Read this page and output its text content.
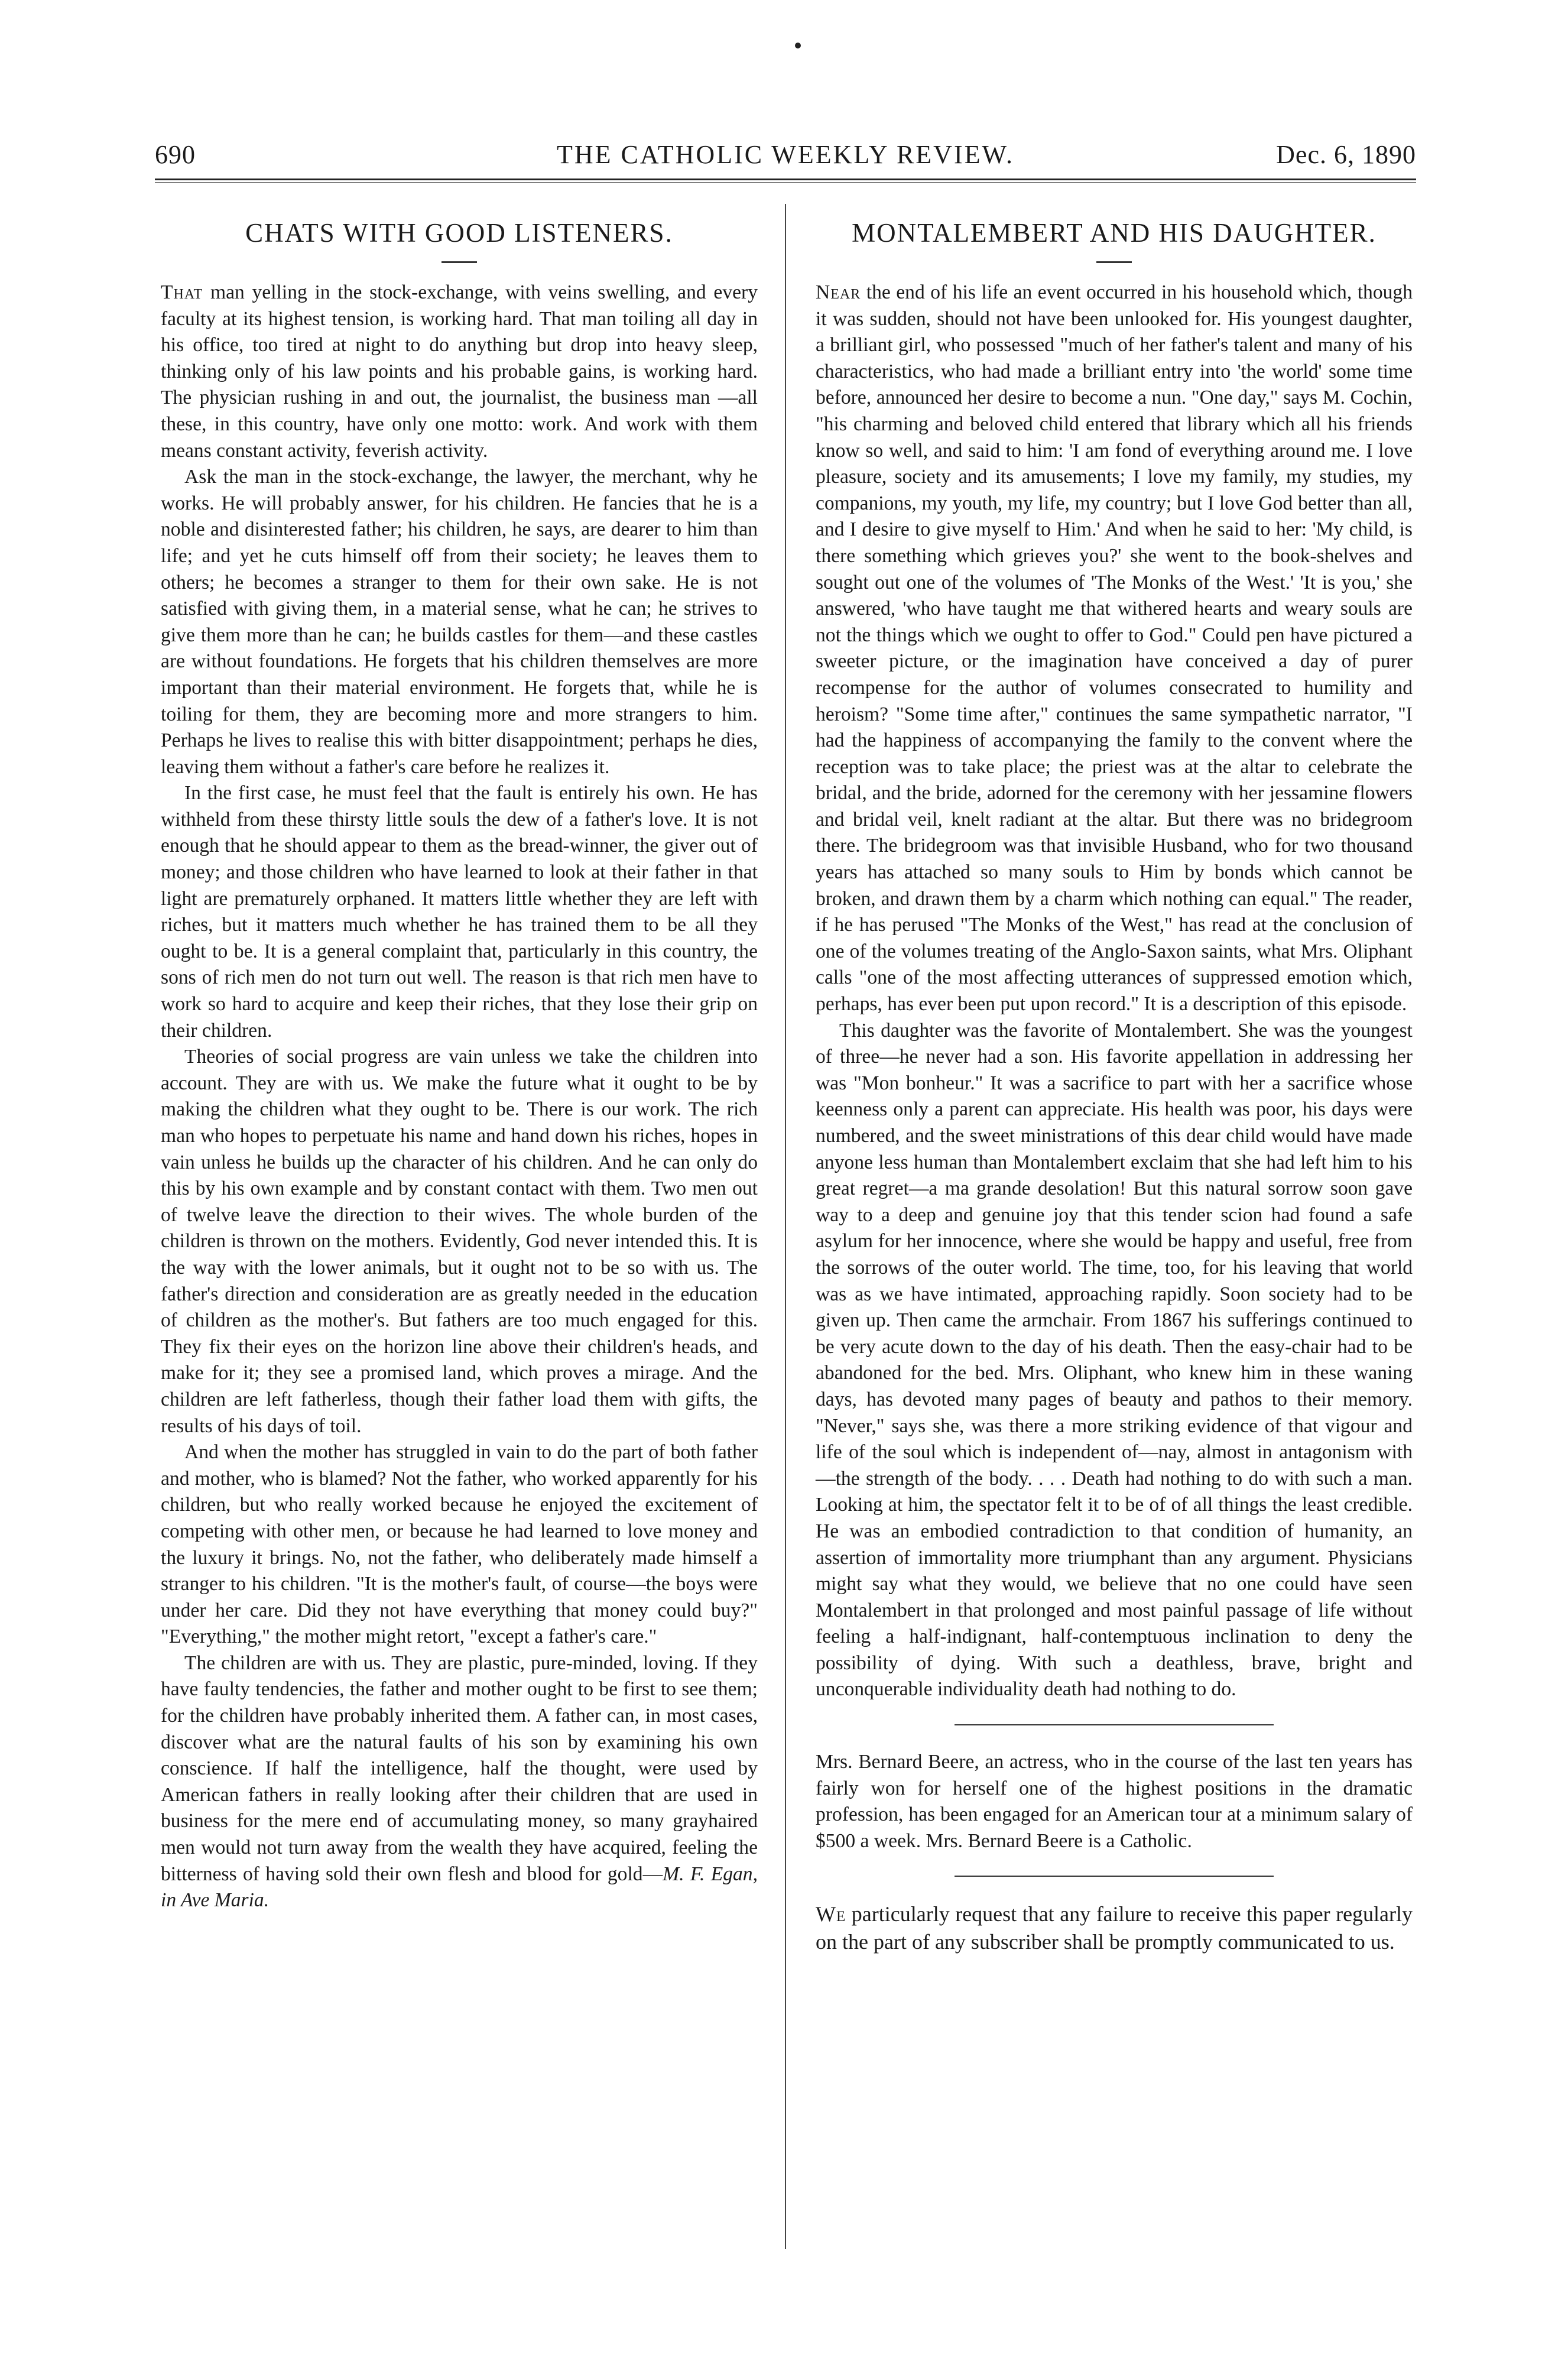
690	THE CATHOLIC WEEKLY REVIEW.	Dec. 6, 1890
CHATS WITH GOOD LISTENERS.

That man yelling in the stock-exchange, with veins swelling, and every faculty at its highest tension, is working hard. That man toiling all day in his office, too tired at night to do anything but drop into heavy sleep, thinking only of his law points and his probable gains, is working hard. The physician rushing in and out, the journalist, the business man —all these, in this country, have only one motto: work. And work with them means constant activity, feverish activity.

Ask the man in the stock-exchange, the lawyer, the merchant, why he works. He will probably answer, for his children. He fancies that he is a noble and disinterested father; his children, he says, are dearer to him than life; and yet he cuts himself off from their society; he leaves them to others; he becomes a stranger to them for their own sake. He is not satisfied with giving them, in a material sense, what he can; he strives to give them more than he can; he builds castles for them—and these castles are without foundations. He forgets that his children themselves are more important than their material environment. He forgets that, while he is toiling for them, they are becoming more and more strangers to him. Perhaps he lives to realise this with bitter disappointment; perhaps he dies, leaving them without a father's care before he realizes it.

In the first case, he must feel that the fault is entirely his own. He has withheld from these thirsty little souls the dew of a father's love. It is not enough that he should appear to them as the bread-winner, the giver out of money; and those children who have learned to look at their father in that light are prematurely orphaned. It matters little whether they are left with riches, but it matters much whether he has trained them to be all they ought to be. It is a general complaint that, particularly in this country, the sons of rich men do not turn out well. The reason is that rich men have to work so hard to acquire and keep their riches, that they lose their grip on their children.

Theories of social progress are vain unless we take the children into account. They are with us. We make the future what it ought to be by making the children what they ought to be. There is our work. The rich man who hopes to perpetuate his name and hand down his riches, hopes in vain unless he builds up the character of his children. And he can only do this by his own example and by constant contact with them. Two men out of twelve leave the direction to their wives. The whole burden of the children is thrown on the mothers. Evidently, God never intended this. It is the way with the lower animals, but it ought not to be so with us. The father's direction and consideration are as greatly needed in the education of children as the mother's. But fathers are too much engaged for this. They fix their eyes on the horizon line above their children's heads, and make for it; they see a promised land, which proves a mirage. And the children are left fatherless, though their father load them with gifts, the results of his days of toil.

And when the mother has struggled in vain to do the part of both father and mother, who is blamed? Not the father, who worked apparently for his children, but who really worked because he enjoyed the excitement of competing with other men, or because he had learned to love money and the luxury it brings. No, not the father, who deliberately made himself a stranger to his children. "It is the mother's fault, of course—the boys were under her care. Did they not have everything that money could buy?" "Everything," the mother might retort, "except a father's care."

The children are with us. They are plastic, pure-minded, loving. If they have faulty tendencies, the father and mother ought to be first to see them; for the children have probably inherited them. A father can, in most cases, discover what are the natural faults of his son by examining his own conscience. If half the intelligence, half the thought, were used by American fathers in really looking after their children that are used in business for the mere end of accumulating money, so many grayhaired men would not turn away from the wealth they have acquired, feeling the bitterness of having sold their own flesh and blood for gold—M. F. Egan, in Ave Maria.

MONTALEMBERT AND HIS DAUGHTER.

Near the end of his life an event occurred in his household which, though it was sudden, should not have been unlooked for. His youngest daughter, a brilliant girl, who possessed "much of her father's talent and many of his characteristics, who had made a brilliant entry into 'the world' some time before, announced her desire to become a nun. "One day," says M. Cochin, "his charming and beloved child entered that library which all his friends know so well, and said to him: 'I am fond of everything around me. I love pleasure, society and its amusements; I love my family, my studies, my companions, my youth, my life, my country; but I love God better than all, and I desire to give myself to Him.' And when he said to her: 'My child, is there something which grieves you?' she went to the book-shelves and sought out one of the volumes of 'The Monks of the West.' 'It is you,' she answered, 'who have taught me that withered hearts and weary souls are not the things which we ought to offer to God." Could pen have pictured a sweeter picture, or the imagination have conceived a day of purer recompense for the author of volumes consecrated to humility and heroism? "Some time after," continues the same sympathetic narrator, "I had the happiness of accompanying the family to the convent where the reception was to take place; the priest was at the altar to celebrate the bridal, and the bride, adorned for the ceremony with her jessamine flowers and bridal veil, knelt radiant at the altar. But there was no bridegroom there. The bridegroom was that invisible Husband, who for two thousand years has attached so many souls to Him by bonds which cannot be broken, and drawn them by a charm which nothing can equal." The reader, if he has perused "The Monks of the West," has read at the conclusion of one of the volumes treating of the Anglo-Saxon saints, what Mrs. Oliphant calls "one of the most affecting utterances of suppressed emotion which, perhaps, has ever been put upon record." It is a description of this episode.

This daughter was the favorite of Montalembert. She was the youngest of three—he never had a son. His favorite appellation in addressing her was "Mon bonheur." It was a sacrifice to part with her a sacrifice whose keenness only a parent can appreciate. His health was poor, his days were numbered, and the sweet ministrations of this dear child would have made anyone less human than Montalembert exclaim that she had left him to his great regret—a ma grande desolation! But this natural sorrow soon gave way to a deep and genuine joy that this tender scion had found a safe asylum for her innocence, where she would be happy and useful, free from the sorrows of the outer world. The time, too, for his leaving that world was as we have intimated, approaching rapidly. Soon society had to be given up. Then came the armchair. From 1867 his sufferings continued to be very acute down to the day of his death. Then the easy-chair had to be abandoned for the bed. Mrs. Oliphant, who knew him in these waning days, has devoted many pages of beauty and pathos to their memory. "Never," says she, was there a more striking evidence of that vigour and life of the soul which is independent of—nay, almost in antagonism with—the strength of the body. . . . Death had nothing to do with such a man. Looking at him, the spectator felt it to be of of all things the least credible. He was an embodied contradiction to that condition of humanity, an assertion of immortality more triumphant than any argument. Physicians might say what they would, we believe that no one could have seen Montalembert in that prolonged and most painful passage of life without feeling a half-indignant, half-contemptuous inclination to deny the possibility of dying. With such a deathless, brave, bright and unconquerable individuality death had nothing to do.

Mrs. Bernard Beere, an actress, who in the course of the last ten years has fairly won for herself one of the highest positions in the dramatic profession, has been engaged for an American tour at a minimum salary of $500 a week. Mrs. Bernard Beere is a Catholic.

We particularly request that any failure to receive this paper regularly on the part of any subscriber shall be promptly communicated to us.
